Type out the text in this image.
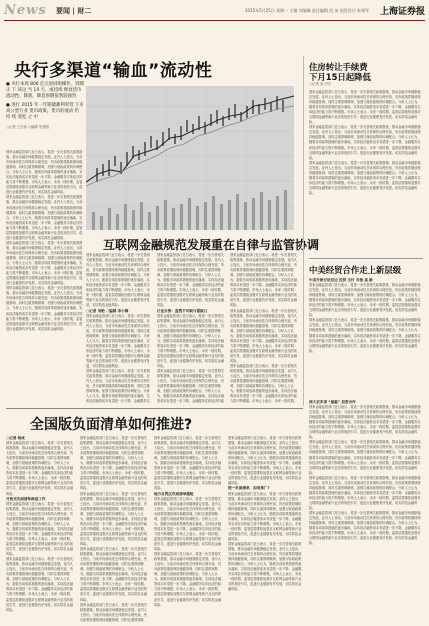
News 要闻 | 财二	2015年5月25日 星期一 主编 刘旭峰 责任编辑 范 冰 视觉设计 朱建军 上海证券报
央行多渠道“输血”流动性
● 央行本周 800 亿元逆回购操作，到期正 下 该这 当 14 天，或持续 释放货币流动性，降准，降息预期依然较强烈
● 进行 2015 年一年期储蓄利率营 下市高公型行业 货币政策，货币的流动 仍 持 续 宽松 之 中
○记者 王宏伟 ○编辑 朱建国
国家金融监管部门近日表示，将进一步完善相关政策措施，推动金融市场健康稳定发展。业内人士指出，当前市场流动性总体保持合理充裕，货币政策将继续保持稳健基调，同时注重预调微调，加强与财政政策的协调配合。分析人士认为，随着各项改革措施的逐步落地，实体经济融资成本有望进一步下降，金融服务实体经济的能力将不断增强。市场人士表示，未来一段时期，监管层将继续加强对互联网金融等新兴业态的规范引导，促进行业健康有序发展，切实防范金融风险。
国家金融监管部门近日表示，将进一步完善相关政策措施，推动金融市场健康稳定发展。业内人士指出，当前市场流动性总体保持合理充裕，货币政策将继续保持稳健基调，同时注重预调微调，加强与财政政策的协调配合。分析人士认为，随着各项改革措施的逐步落地，实体经济融资成本有望进一步下降，金融服务实体经济的能力将不断增强。市场人士表示，未来一段时期，监管层将继续加强对互联网金融等新兴业态的规范引导，促进行业健康有序发展，切实防范金融风险。
国家金融监管部门近日表示，将进一步完善相关政策措施，推动金融市场健康稳定发展。业内人士指出，当前市场流动性总体保持合理充裕，货币政策将继续保持稳健基调，同时注重预调微调，加强与财政政策的协调配合。分析人士认为，随着各项改革措施的逐步落地，实体经济融资成本有望进一步下降，金融服务实体经济的能力将不断增强。市场人士表示，未来一段时期，监管层将继续加强对互联网金融等新兴业态的规范引导，促进行业健康有序发展，切实防范金融风险。
国家金融监管部门近日表示，将进一步完善相关政策措施，推动金融市场健康稳定发展。业内人士指出，当前市场流动性总体保持合理充裕，货币政策将继续保持稳健基调，同时注重预调微调，加强与财政政策的协调配合。分析人士认为，随着各项改革措施的逐步落地，实体经济融资成本有望进一步下降，金融服务实体经济的能力将不断增强。市场人士表示，未来一段时期，监管层将继续加强对互联网金融等新兴业态的规范引导，促进行业健康有序发展，切实防范金融风险。
互联网金融规范发展重在自律与监管协调
国家金融监管部门近日表示，将进一步完善相关政策措施，推动金融市场健康稳定发展。业内人士指出，当前市场流动性总体保持合理充裕，货币政策将继续保持稳健基调，同时注重预调微调，加强与财政政策的协调配合。分析人士认为，随着各项改革措施的逐步落地，实体经济融资成本有望进一步下降，金融服务实体经济的能力将不断增强。市场人士表示，未来一段时期，监管层将继续加强对互联网金融等新兴业态的规范引导，促进行业健康有序发展，切实防范金融风险。
○记者 刘艳 ○编辑 李小锋
国家金融监管部门近日表示，将进一步完善相关政策措施，推动金融市场健康稳定发展。业内人士指出，当前市场流动性总体保持合理充裕，货币政策将继续保持稳健基调，同时注重预调微调，加强与财政政策的协调配合。分析人士认为，随着各项改革措施的逐步落地，实体经济融资成本有望进一步下降，金融服务实体经济的能力将不断增强。市场人士表示，未来一段时期，监管层将继续加强对互联网金融等新兴业态的规范引导，促进行业健康有序发展，切实防范金融风险。
国家金融监管部门近日表示，将进一步完善相关政策措施，推动金融市场健康稳定发展。业内人士指出，当前市场流动性总体保持合理充裕，货币政策将继续保持稳健基调，同时注重预调微调，加强与财政政策的协调配合。分析人士认为，随着各项改革措施的逐步落地，实体经济融资成本有望进一步下降，金融服务实
国家金融监管部门近日表示，将进一步完善相关政策措施，推动金融市场健康稳定发展。业内人士指出，当前市场流动性总体保持合理充裕，货币政策将继续保持稳健基调，同时注重预调微调，加强与财政政策的协调配合。分析人士认为，随着各项改革措施的逐步落地，实体经济融资成本有望进一步下降，金融服务实体经济的能力将不断增强。市场人士表示，未来一段时期，监管层将继续加强对互联网金融等新兴业态的规范引导，促进行业健康有序发展，切实防范金融风险。
行业自律：监管不可缺与需缺口
国家金融监管部门近日表示，将进一步完善相关政策措施，推动金融市场健康稳定发展。业内人士指出，当前市场流动性总体保持合理充裕，货币政策将继续保持稳健基调，同时注重预调微调，加强与财政政策的协调配合。分析人士认为，随着各项改革措施的逐步落地，实体经济融资成本有望进一步下降，金融服务实体经济的能力将不断增强。市场人士表示，未来一段时期，监管层将继续加强对互联网金融等新兴业态的规范引导，促进行业健康有序发展，切实防范金融风险。
国家金融监管部门近日表示，将进一步完善相关政策措施，推动金融市场健康稳定发展。业内人士指出，当前市场流动性总体保持合理充裕，货币政策将继续保持稳健基调，同时注重预调微调，加强与财政政策的协调配合。分析人士认为，随着各项改革措施的逐步落地，实体经济融资成本有望进一步下降，金融服务实体经济的能
国家金融监管部门近日表示，将进一步完善相关政策措施，推动金融市场健康稳定发展。业内人士指出，当前市场流动性总体保持合理充裕，货币政策将继续保持稳健基调，同时注重预调微调，加强与财政政策的协调配合。分析人士认为，随着各项改革措施的逐步落地，实体经济融资成本有望进一步下降，金融服务实体经济的能力将不断增强。市场人士表示，未来一段时期，监管层将继续加强对互联网金融等新兴业态的规范引导，促进行业健康有序发展，切实防范金融风险。
国家金融监管部门近日表示，将进一步完善相关政策措施，推动金融市场健康稳定发展。业内人士指出，当前市场流动性总体保持合理充裕，货币政策将继续保持稳健基调，同时注重预调微调，加强与财政政策的协调配合。分析人士认为，随着各项改革措施的逐步落地，实体经济融资成本有望进一步下降，金融服务实体经济的能力将不断增强。市场人士表示，未来一段时期，监管层将继续加强对互联网金融等新兴业态的规范引导，促进行业健康有序发展，切实防范金融风险。
国家金融监管部门近日表示，将进一步完善相关政策措施，推动金融市场健康稳定发展。业内人士指出，当前市场流动性总体保持合理充裕，货币政策将继续保持稳健基调，同时注重预调微调，加强与财政政策的协调配合。分析人士认为，随着各项改革措施的逐步落地，实体经济融资成本有望进一步下降，金融服务实体经济的能力将不断增强。市场人士表示，未来一段时期，
住房转让手续费
下月15日起降低
○记者 张子钧
国家金融监管部门近日表示，将进一步完善相关政策措施，推动金融市场健康稳定发展。业内人士指出，当前市场流动性总体保持合理充裕，货币政策将继续保持稳健基调，同时注重预调微调，加强与财政政策的协调配合。分析人士认为，随着各项改革措施的逐步落地，实体经济融资成本有望进一步下降，金融服务实体经济的能力将不断增强。市场人士表示，未来一段时期，监管层将继续加强对互联网金融等新兴业态的规范引导，促进行业健康有序发展，切实防范金融风险。
国家金融监管部门近日表示，将进一步完善相关政策措施，推动金融市场健康稳定发展。业内人士指出，当前市场流动性总体保持合理充裕，货币政策将继续保持稳健基调，同时注重预调微调，加强与财政政策的协调配合。分析人士认为，随着各项改革措施的逐步落地，实体经济融资成本有望进一步下降，金融服务实体经济的能力将不断增强。市场人士表示，未来一段时期，监管层将继续加强对互联网金融等新兴业态的规范引导，促进行业健康有序发展，切实防范金融风险。
国家金融监管部门近日表示，将进一步完善相关政策措施，推动金融市场健康稳定发展。业内人士指出，当前市场流动性总体保持合理充裕，货币政策将继续保持稳健基调，同时注重预调微调，加强与财政政策的协调配合。分析人士认为，随着各项改革措施的逐步落地，实体经济融资成本有望进一步下降，金融服务实体经济的能力将不断增强。市场人士表示，未来一段时期，监管层将继续加强对互联网金融等新兴业态的规范引导，促进行业健康有序发展，切实防范金融风险。
中美经贸合作走上新层级
中美开始讨论双边 投资 支付 对接 高 新
国家金融监管部门近日表示，将进一步完善相关政策措施，推动金融市场健康稳定发展。业内人士指出，当前市场流动性总体保持合理充裕，货币政策将继续保持稳健基调，同时注重预调微调，加强与财政政策的协调配合。分析人士认为，随着各项改革措施的逐步落地，实体经济融资成本有望进一步下降，金融服务实体经济的能力将不断增强。市场人士表示，未来一段时期，监管层将继续加强对互联网金融等新兴业态的规范引导，促进行业健康有序发展，切实防范金融风险。
国家金融监管部门近日表示，将进一步完善相关政策措施，推动金融市场健康稳定发展。业内人士指出，当前市场流动性总体保持合理充裕，货币政策将继续保持稳健基调，同时注重预调微调，加强与财政政策的协调配合。分析人士认为，随着各项改革措施的逐步落地，实体经济融资成本有望进一步下降，金融服务实体经济的能力将不断增强。市场人士表示，未来一段时期，监管层将继续加强对互联网金融等新兴业态的规范引导，促进行业健康有序发展，切实防范金融风险。
两大双多项 “最惠” 投资合作
国家金融监管部门近日表示，将进一步完善相关政策措施，推动金融市场健康稳定发展。业内人士指出，当前市场流动性总体保持合理充裕，货币政策将继续保持稳健基调，同时注重预调微调，加强与财政政策的协调配合。分析人士认为，随着各项改革措施的逐步落地，实体经济融资成本有望进一步下降，金融服务实体经济的能力将不断增强。市场人士表示，未来一段时期，监管层将继续加强对互联网金融等新兴业态的规范引导，促进行业健康有序发展，切实防范金融风险。
国家金融监管部门近日表示，将进一步完善相关政策措施，推动金融市场健康稳定发展。业内人士指出，当前市场流动性总体保持合理充裕，货币政策将继续保持稳健基调，同时注重预调微调，加强与财政政策的协调配合。分析人士认为，随着各项改革措施的逐步落地，实体经济融资成本有望进一步下降，金融服务实体经济的能力将不断增强。市场人士表示，未来一段时期，监管层将继续加强对互联网金融等新兴业态的规范引导，促进行业健康有序发展，切实防范金融风险。
国家金融监管部门近日表示，将进一步完善相关政策措施，推动金融市场健康稳定发展。业内人士指出，当前市场流动性总体保持合理充裕，货币政策将继续保持稳健基调，同时注重预调微调，加强与财政政策的协调配合。分析人士认为，随着各项改革措施的逐步落地，实体经济融资成本有望进一步下降，金融服务实体经济的能力将不断增强。市场人士表示，未来一段时期，监管层将继续加强对互联网金融等新兴业态的规范引导，促进行业健康有序发展，切实防范金融风险。
国家金融监管部门近日表示，将进一步完善相关政策措施，推动金融市场健康稳定发展。业内人士指出，当前市场流动性总体保持合理充裕，货币政策将继续保持稳健基调，同时注重预调微调，加强与财政政策的协调配合。分析人士认为，随着各项改革措施的逐步落地，实体经济融资成本有望进一步下降，金融服务实体经济的能力将不断增强。市场人士表示，未来一段时期，监管层将继续加强对互联网金融等新兴业态的规范引导，促进行业健康有序发展，切实防范金融风险。
全国版负面清单如何推进?
○记者 杨成
国家金融监管部门近日表示，将进一步完善相关政策措施，推动金融市场健康稳定发展。业内人士指出，当前市场流动性总体保持合理充裕，货币政策将继续保持稳健基调，同时注重预调微调，加强与财政政策的协调配合。分析人士认为，随着各项改革措施的逐步落地，实体经济融资成本有望进一步下降，金融服务实体经济的能力将不断增强。市场人士表示，未来一段时期，监管层将继续加强对互联网金融等新兴业态的规范引导，促进行业健康有序发展，切实防范金融风险。
开放式负面清单推进工作
国家金融监管部门近日表示，将进一步完善相关政策措施，推动金融市场健康稳定发展。业内人士指出，当前市场流动性总体保持合理充裕，货币政策将继续保持稳健基调，同时注重预调微调，加强与财政政策的协调配合。分析人士认为，随着各项改革措施的逐步落地，实体经济融资成本有望进一步下降，金融服务实体经济的能力将不断增强。市场人士表示，未来一段时期，监管层将继续加强对互联网金融等新兴业态的规范引导，促进行业健康有序发展，切实防范金融风险。
国家金融监管部门近日表示，将进一步完善相关政策措施，推动金融市场健康稳定发展。业内人士指出，当前市场流动性总体保持合理充裕，货币政策将继续保持稳健基调，同时注重预调微调，加强与财政政策的协调配合。分析人士认为，随着各项改革措施的逐步落地，实体经济融资成本有望进一步下降，金融服务实体经济的能力将不断增强。市场人士表示，未来一段时期，监管层将继续加强对互联网金融等新兴业态的规范引导，促进行业健康有序发展，切实防范金融风险。
国家金融监管部门近日表示，将进一步完善相关政策措施，推动金融市场健康稳定发展。业内人士指出，当前市场流动性总体保持合理充裕，货币政策将继续保持稳健基调，同时注重预调微调，加强与财政政策的协调配合。分析人士认为，随着各项改革措施的逐步落地，实体经济融资成本有望进一步下降，金融服务实体经济的能力将不断增强。市场人士表示，未来一段时期，监管层将继续加强对互联网金融等新兴业态的规范引导，促进行业健康有序发展，切实防范金融风险。
国家金融监管部门近日表示，将进一步完善相关政策措施，推动金融市场健康稳定发展。业内人士指出，当前市场流动性总体保持合理充裕，货币政策将继续保持稳健基调，同时注重预调微调，加强与财政政策的协调配合。分析人士认为，随着各项改革措施的逐步落地，实体经济融资成本有望进一步下降，金融服务实体经济的能力将不断增强。市场人士表示，未来一段时期，监管层将继续加强对互联网金融等新兴业态的规范引导，促进行业健康有序发展，切实防范金融风险。
国家金融监管部门近日表示，将进一步完善相关政策措施，推动金融市场健康稳定发展。业内人士指出，当前市场流动性总体保持合理充裕，货币政策将继续保持稳健基调，同时注重预调微调，加强与财政政策的协调配合。分析人士认为，随着各项改革措施的逐步落地，实体经济融资成本有望进一步下降，金融服务实体经济的能力将不断增强。市场人士表示，未来一段时期，监管层将继续加强对互联网金融等新兴业态的规范引导，促进行业健康有序发展，切实防范金融风险。
国家金融监管部门近日表示，将进一步完善相关政策措施，推动金融市场健康稳定发展。业内人士指出，当前市场流动性总体保持合理充裕，货币政策将继续保持稳健基调，同时注重预调微
国家金融监管部门近日表示，将进一步完善相关政策措施，推动金融市场健康稳定发展。业内人士指出，当前市场流动性总体保持合理充裕，货币政策将继续保持稳健基调，同时注重预调微调，加强与财政政策的协调配合。分析人士认为，随着各项改革措施的逐步落地，实体经济融资成本有望进一步下降，金融服务实体经济的能力将不断增强。市场人士表示，未来一段时期，监管层将继续加强对互联网金融等新兴业态的规范引导，促进行业健康有序发展，切实防范金融风险。
地方自贸区负面清单缩短
国家金融监管部门近日表示，将进一步完善相关政策措施，推动金融市场健康稳定发展。业内人士指出，当前市场流动性总体保持合理充裕，货币政策将继续保持稳健基调，同时注重预调微调，加强与财政政策的协调配合。分析人士认为，随着各项改革措施的逐步落地，实体经济融资成本有望进一步下降，金融服务实体经济的能力将不断增强。市场人士表示，未来一段时期，监管层将继续加强对互联网金融等新兴业态的规范引导，促进行业健康有序发展，切实防范金融风险。
国家金融监管部门近日表示，将进一步完善相关政策措施，推动金融市场健康稳定发展。业内人士指出，当前市场流动性总体保持合理充裕，货币政策将继续保持稳健基调，同时注重预调微调，加强与财政政策的协调配合。分析人士认为，随着各项改革措施的逐步落地，实体经济融资成本有望进一步下降，金融服务实体经济的能力将不断增强。市场人士表示，未来一段时期，监管层将继续加强对互联网金融等新兴业态的规范引导，促进行业健康有序发展，切实防范金融风险。
国家金融监管部门近日表示，将进一步完善相关政策措施，推动金融市场健康稳定发展。业内人士指出，当前市场流动性总体保持合理充裕，货币政策将继续保持稳健基调，同时注重预调微调，加强与财政政策的协调配合。分析人士认为，随着各项改革措施的逐步落地，实体经济融资成本有望进一步下降，金融服务实体经济的能力将不断增强。市场人士表示，未来一段时期，监管层将继续加强对互联网金融等新兴业态的规范引导，促进行业健康有序发展，切实防范金融风险。
统一负面清单，如何推广?
国家金融监管部门近日表示，将进一步完善相关政策措施，推动金融市场健康稳定发展。业内人士指出，当前市场流动性总体保持合理充裕，货币政策将继续保持稳健基调，同时注重预调微调，加强与财政政策的协调配合。分析人士认为，随着各项改革措施的逐步落地，实体经济融资成本有望进一步下降，金融服务实体经济的能力将不断增强。市场人士表示，未来一段时期，监管层将继续加强对互联网金融等新兴业态的规范引导，促进行业健康有序发展，切实防范金融风险。
国家金融监管部门近日表示，将进一步完善相关政策措施，推动金融市场健康稳定发展。业内人士指出，当前市场流动性总体保持合理充裕，货币政策将继续保持稳健基调，同时注重预调微调，加强与财政政策的协调配合。分析人士认为，随着各项改革措施的逐步落地，实体经济融资成本有望进一步下降，金融服务实体经济的能力将不断增强。市场人士表示，未来一段时期，监管层将继续加强对互联网金融等新兴业态的规范引导，促进行业健康有序发展，切实防范金融风险。
